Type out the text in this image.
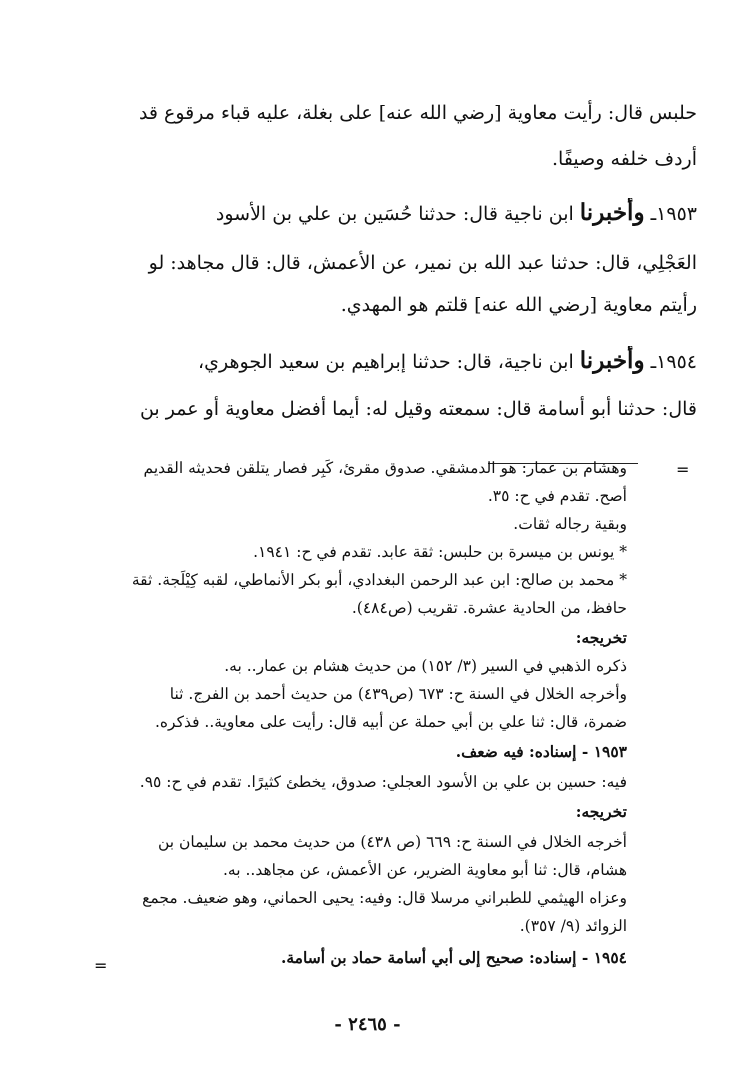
حلبس قال: رأيت معاوية [رضي الله عنه] على بغلة، عليه قباء مرقوع قد
أردف خلفه وصيفًا.
١٩٥٣ـ وأخبرنا ابن ناجية قال: حدثنا حُسَين بن علي بن الأسود
العَجْلِي، قال: حدثنا عبد الله بن نمير، عن الأعمش، قال: قال مجاهد: لو
رأيتم معاوية [رضي الله عنه] قلتم هو المهدي.
١٩٥٤ـ وأخبرنا ابن ناجية، قال: حدثنا إبراهيم بن سعيد الجوهري،
قال: حدثنا أبو أسامة قال: سمعته وقيل له: أيما أفضل معاوية أو عمر بن
=
وهشام بن عمار: هو الدمشقي. صدوق مقرئ، كَبِر فصار يتلقن فحديثه القديم
أصح. تقدم في ح: ٣٥.
وبقية رجاله ثقات.
* يونس بن ميسرة بن حلبس: ثقة عابد. تقدم في ح: ١٩٤١.
* محمد بن صالح: ابن عبد الرحمن البغدادي، أبو بكر الأنماطي، لقبه كِيْلَجة. ثقة
حافظ، من الحادية عشرة. تقريب (ص٤٨٤).
تخريجه:
ذكره الذهبي في السير (٣/ ١٥٢) من حديث هشام بن عمار.. به.
وأخرجه الخلال في السنة ح: ٦٧٣ (ص٤٣٩) من حديث أحمد بن الفرج. ثنا
ضمرة، قال: ثنا علي بن أبي حملة عن أبيه قال: رأيت على معاوية.. فذكره.
١٩٥٣ - إسناده: فيه ضعف.
فيه: حسين بن علي بن الأسود العجلي: صدوق، يخطئ كثيرًا. تقدم في ح: ٩٥.
تخريجه:
أخرجه الخلال في السنة ح: ٦٦٩ (ص ٤٣٨) من حديث محمد بن سليمان بن
هشام، قال: ثنا أبو معاوية الضرير، عن الأعمش، عن مجاهد.. به.
وعزاه الهيثمي للطبراني مرسلا قال: وفيه: يحيى الحماني، وهو ضعيف. مجمع
الزوائد (٩/ ٣٥٧).
١٩٥٤ - إسناده: صحيح إلى أبي أسامة حماد بن أسامة.
=
- ٢٤٦٥ -
